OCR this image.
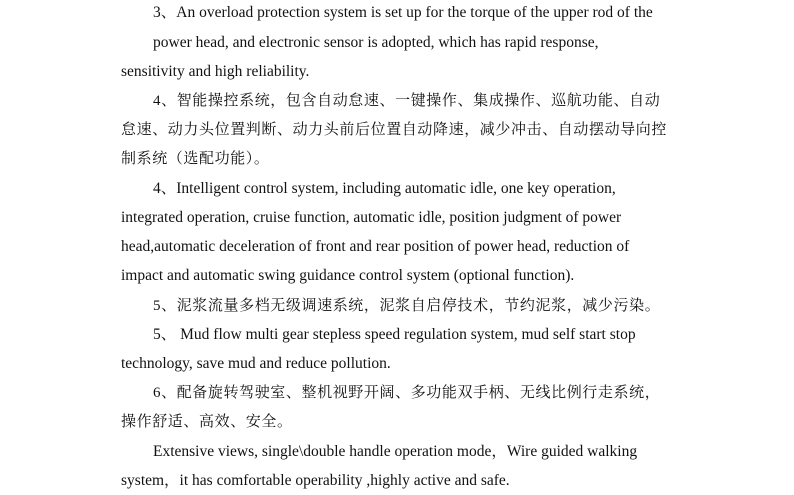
3、An overload protection system is set up for the torque of the upper rod of the
power head, and electronic sensor is adopted, which has rapid response,
sensitivity and high reliability.
4、智能操控系统，包含自动怠速、一键操作、集成操作、巡航功能、自动
怠速、动力头位置判断、动力头前后位置自动降速，减少冲击、自动摆动导向控
制系统（选配功能）。
4、Intelligent control system, including automatic idle, one key operation,
integrated operation, cruise function, automatic idle, position judgment of power
head,automatic deceleration of front and rear position of power head, reduction of
impact and automatic swing guidance control system (optional function).
5、泥浆流量多档无级调速系统，泥浆自启停技术，节约泥浆，减少污染。
5、 Mud flow multi gear stepless speed regulation system, mud self start stop
technology, save mud and reduce pollution.
6、配备旋转驾驶室、整机视野开阔、多功能双手柄、无线比例行走系统，
操作舒适、高效、安全。
Extensive views, single\double handle operation mode，Wire guided walking
system，it has comfortable operability ,highly active and safe.
